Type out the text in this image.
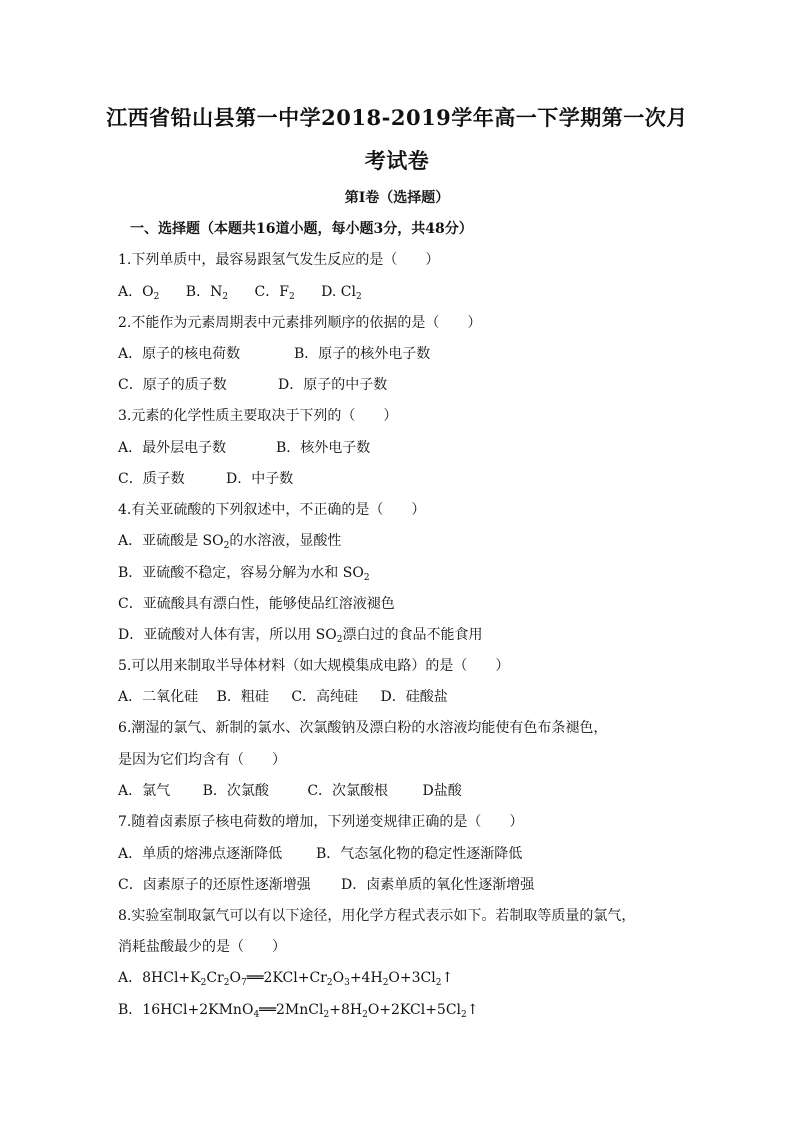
江西省铅山县第一中学2018-2019学年高一下学期第一次月
考试卷
第I卷（选择题）
一、选择题（本题共16道小题，每小题3分，共48分）
1.下列单质中，最容易跟氢气发生反应的是（　　）
A．$O_2$ B．$N_2$ C．$F_2$ D. $Cl_2$
2.不能作为元素周期表中元素排列顺序的依据的是（　　）
A．原子的核电荷数	B．原子的核外电子数
C．原子的质子数	D．原子的中子数
3.元素的化学性质主要取决于下列的（　　）
A．最外层电子数	B．核外电子数
C．质子数	D．中子数
4.有关亚硫酸的下列叙述中，不正确的是（　　）
A．亚硫酸是 $SO_2$的水溶液，显酸性
B．亚硫酸不稳定，容易分解为水和 $SO_2$
C．亚硫酸具有漂白性，能够使品红溶液褪色
D．亚硫酸对人体有害，所以用 $SO_2$漂白过的食品不能食用
5.可以用来制取半导体材料（如大规模集成电路）的是（　　）
A．二氧化硅 B．粗硅 C．高纯硅 D．硅酸盐
6.潮湿的氯气、新制的氯水、次氯酸钠及漂白粉的水溶液均能使有色布条褪色，
是因为它们均含有（　　）
A．氯气 B．次氯酸	C．次氯酸根 D盐酸
7.随着卤素原子核电荷数的增加，下列递变规律正确的是（　　）
A．单质的熔沸点逐渐降低 B．气态氢化物的稳定性逐渐降低
C．卤素原子的还原性逐渐增强 D．卤素单质的氧化性逐渐增强
8.实验室制取氯气可以有以下途径，用化学方程式表示如下。若制取等质量的氯气，
消耗盐酸最少的是（　　）
A．$8HCl+K_2Cr_2O_7══2KCl+Cr_2O_3+4H_2O+3Cl_2↑$
B．$16HCl+2KMnO_4══2MnCl_2+8H_2O+2KCl+5Cl_2↑$
